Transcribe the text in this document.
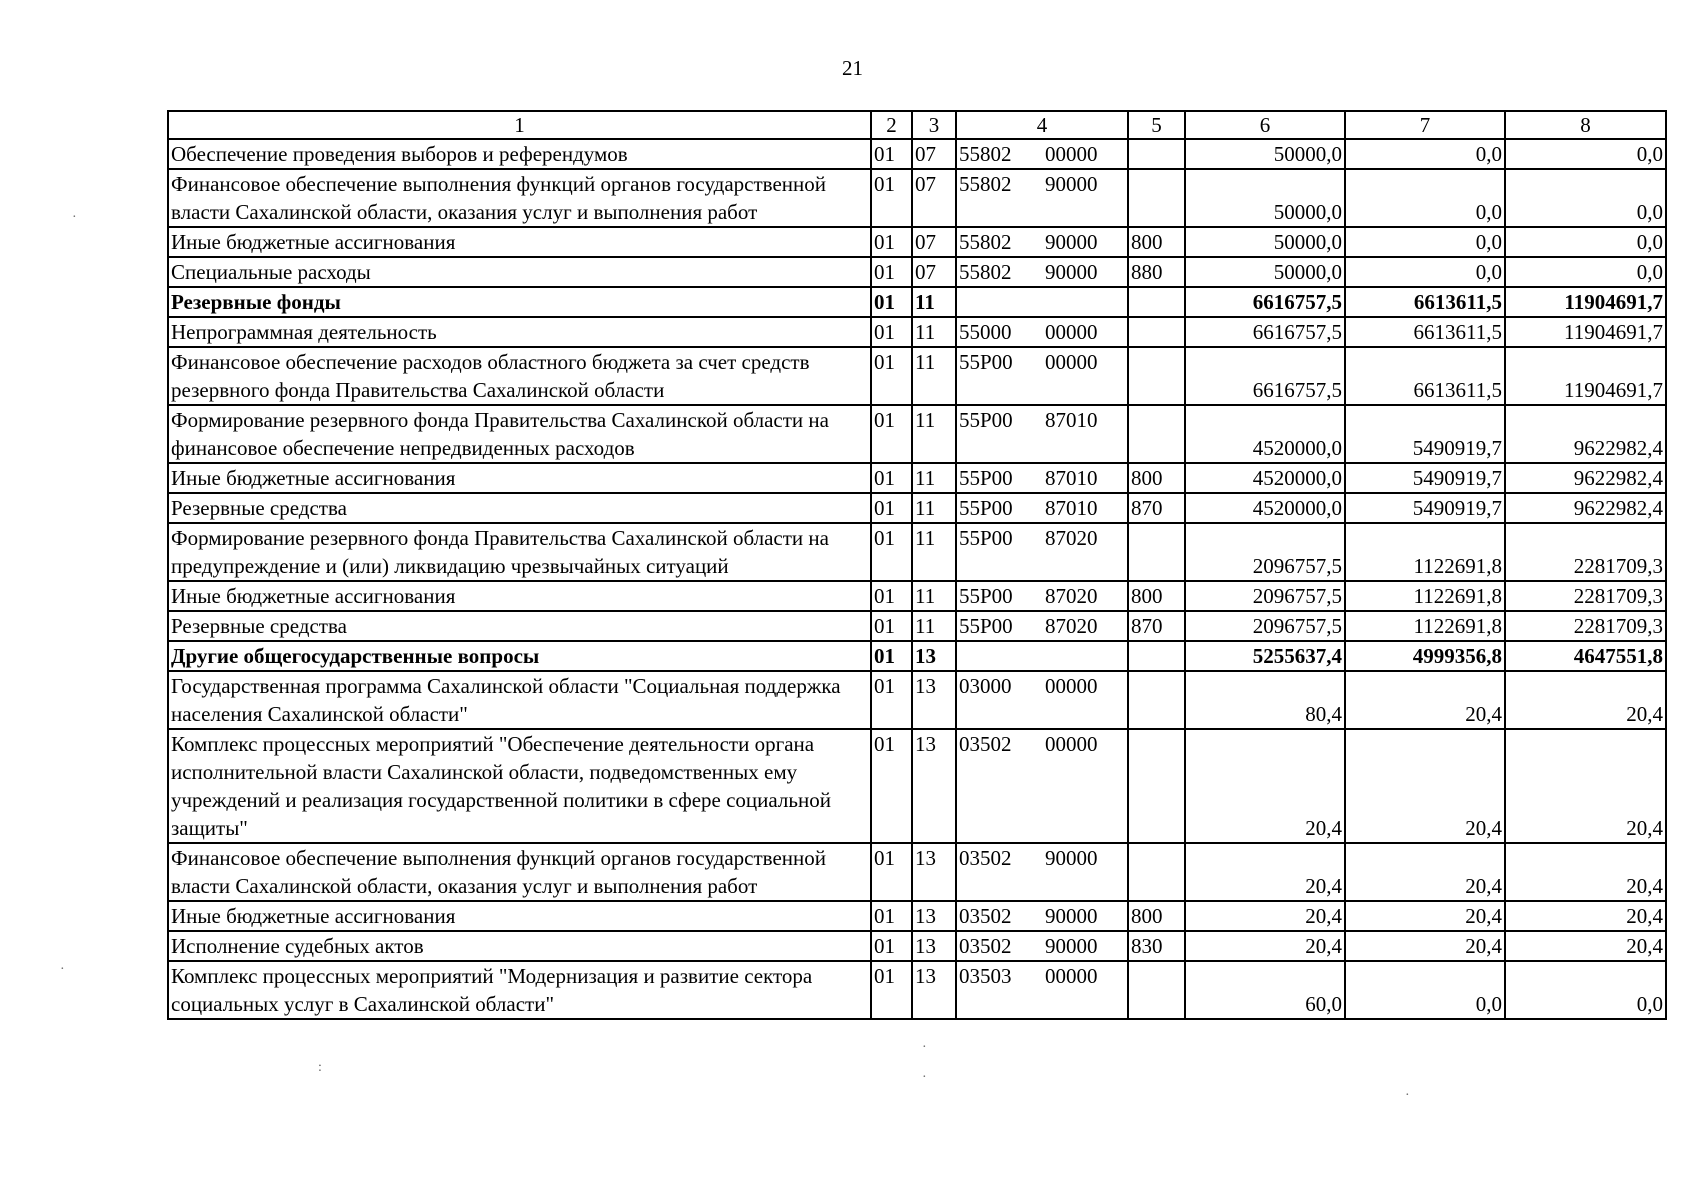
21
1	2	3	4	5	6	7	8
Обеспечение проведения выборов и референдумов	01	07	55802 00000		50000,0	0,0	0,0
Финансовое обеспечение выполнения функций органов государственной власти Сахалинской области, оказания услуг и выполнения работ	01	07	55802 90000		50000,0	0,0	0,0
Иные бюджетные ассигнования	01	07	55802 90000	800	50000,0	0,0	0,0
Специальные расходы	01	07	55802 90000	880	50000,0	0,0	0,0
Резервные фонды	01	11			6616757,5	6613611,5	11904691,7
Непрограммная деятельность	01	11	55000 00000		6616757,5	6613611,5	11904691,7
Финансовое обеспечение расходов областного бюджета за счет средств резервного фонда Правительства Сахалинской области	01	11	55Р00 00000		6616757,5	6613611,5	11904691,7
Формирование резервного фонда Правительства Сахалинской области на финансовое обеспечение непредвиденных расходов	01	11	55Р00 87010		4520000,0	5490919,7	9622982,4
Иные бюджетные ассигнования	01	11	55Р00 87010	800	4520000,0	5490919,7	9622982,4
Резервные средства	01	11	55Р00 87010	870	4520000,0	5490919,7	9622982,4
Формирование резервного фонда Правительства Сахалинской области на предупреждение и (или) ликвидацию чрезвычайных ситуаций	01	11	55Р00 87020		2096757,5	1122691,8	2281709,3
Иные бюджетные ассигнования	01	11	55Р00 87020	800	2096757,5	1122691,8	2281709,3
Резервные средства	01	11	55Р00 87020	870	2096757,5	1122691,8	2281709,3
Другие общегосударственные вопросы	01	13			5255637,4	4999356,8	4647551,8
Государственная программа Сахалинской области "Социальная поддержка населения Сахалинской области"	01	13	03000 00000		80,4	20,4	20,4
Комплекс процессных мероприятий "Обеспечение деятельности органа исполнительной власти Сахалинской области, подведомственных ему учреждений и реализация государственной политики в сфере социальной защиты"	01	13	03502 00000		20,4	20,4	20,4
Финансовое обеспечение выполнения функций органов государственной власти Сахалинской области, оказания услуг и выполнения работ	01	13	03502 90000		20,4	20,4	20,4
Иные бюджетные ассигнования	01	13	03502 90000	800	20,4	20,4	20,4
Исполнение судебных актов	01	13	03502 90000	830	20,4	20,4	20,4
Комплекс процессных мероприятий "Модернизация и развитие сектора социальных услуг в Сахалинской области"	01	13	03503 00000		60,0	0,0	0,0
·
·
:
·
·
·
